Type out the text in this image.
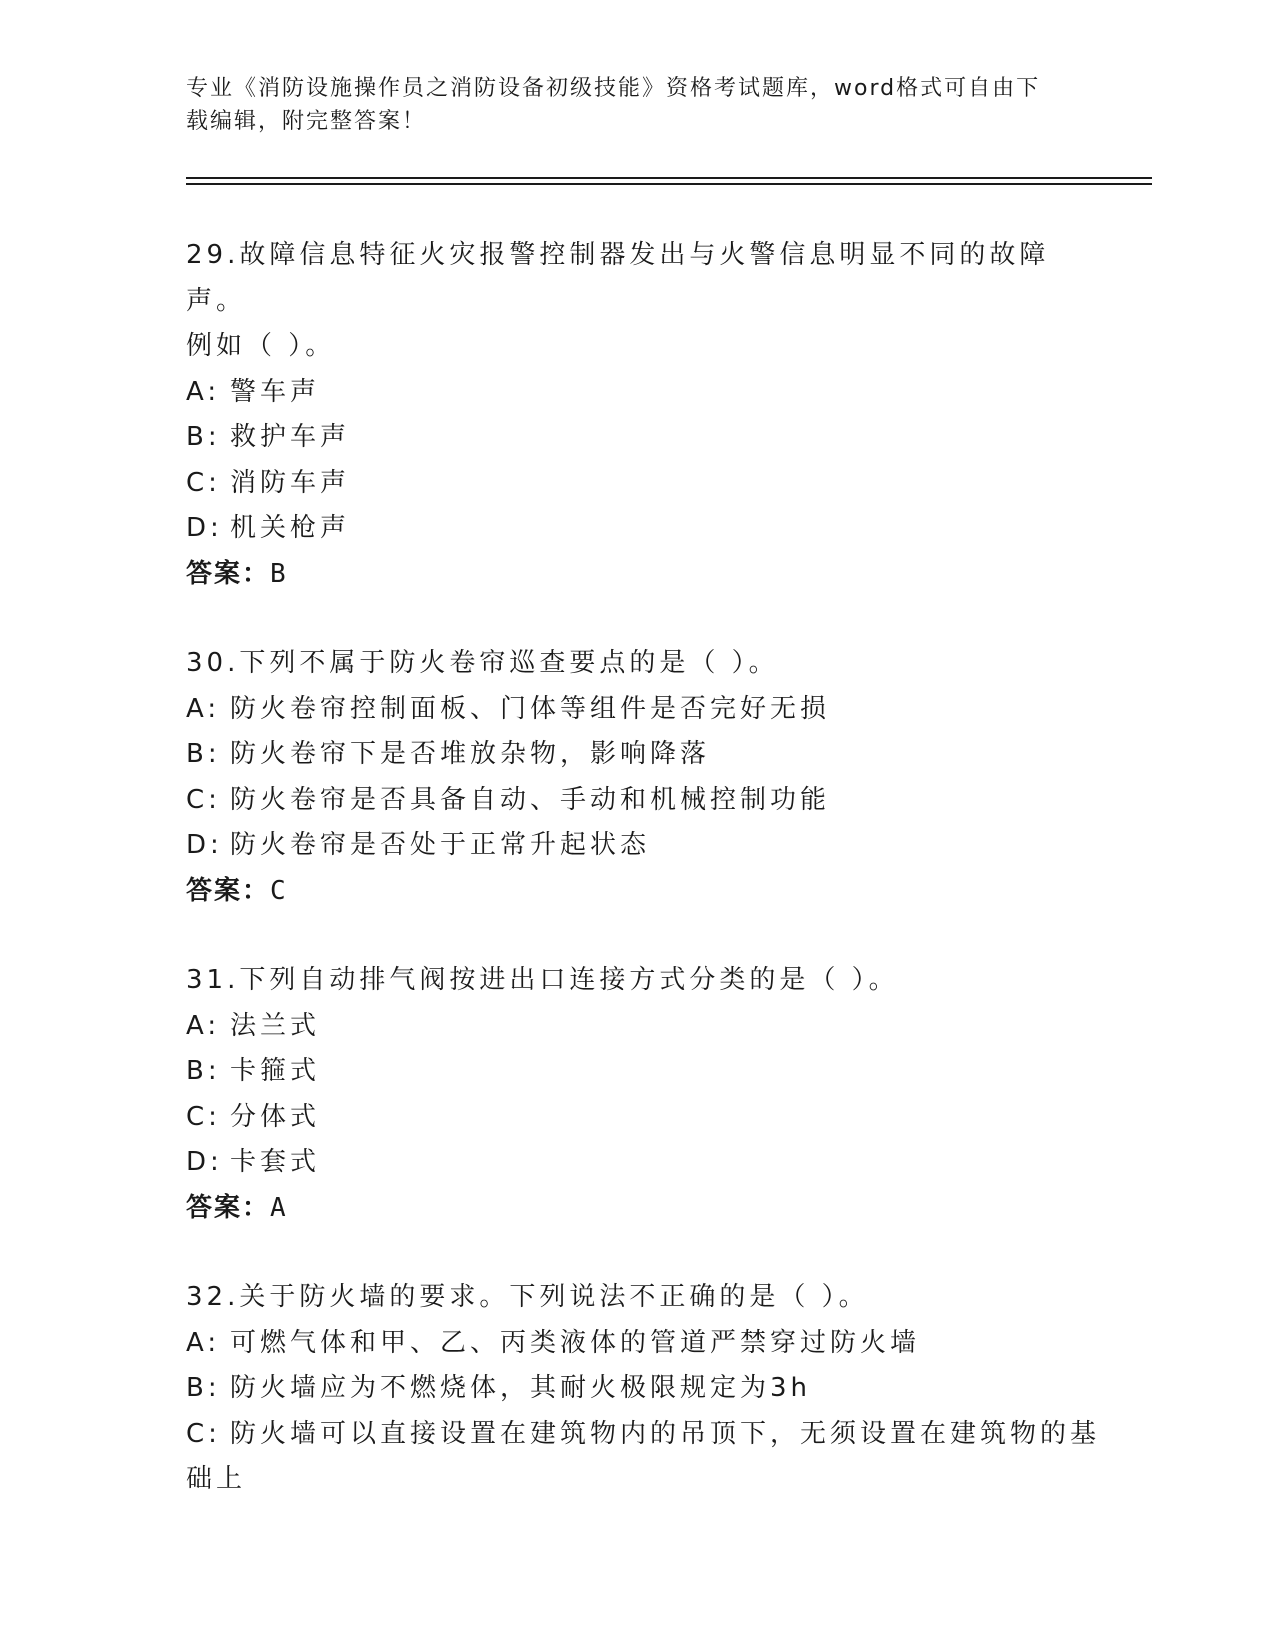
专业《消防设施操作员之消防设备初级技能》资格考试题库，word格式可自由下
载编辑，附完整答案！
29.故障信息特征火灾报警控制器发出与火警信息明显不同的故障声。
例如（ ）。
A: 警车声
B: 救护车声
C: 消防车声
D: 机关枪声
答案：B
30.下列不属于防火卷帘巡查要点的是（ ）。
A: 防火卷帘控制面板、门体等组件是否完好无损
B: 防火卷帘下是否堆放杂物，影响降落
C: 防火卷帘是否具备自动、手动和机械控制功能
D: 防火卷帘是否处于正常升起状态
答案：C
31.下列自动排气阀按进出口连接方式分类的是（ ）。
A: 法兰式
B: 卡箍式
C: 分体式
D: 卡套式
答案：A
32.关于防火墙的要求。下列说法不正确的是（ ）。
A: 可燃气体和甲、乙、丙类液体的管道严禁穿过防火墙
B: 防火墙应为不燃烧体，其耐火极限规定为3h
C: 防火墙可以直接设置在建筑物内的吊顶下，无须设置在建筑物的基
础上
